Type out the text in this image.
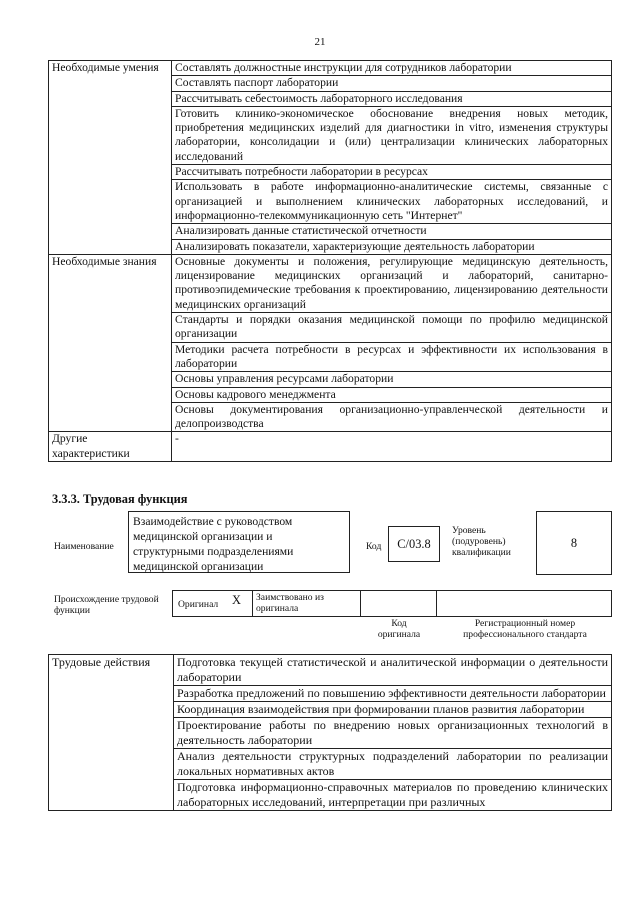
21
Необходимые умения	Составлять должностные инструкции для сотрудников лаборатории
	Составлять паспорт лаборатории
	Рассчитывать себестоимость лабораторного исследования
	Готовить клинико-экономическое обоснование внедрения новых методик, приобретения медицинских изделий для диагностики in vitro, изменения структуры лаборатории, консолидации и (или) централизации клинических лабораторных исследований
	Рассчитывать потребности лаборатории в ресурсах
	Использовать в работе информационно-аналитические системы, связанные с организацией и выполнением клинических лабораторных исследований, и информационно-телекоммуникационную сеть "Интернет"
	Анализировать данные статистической отчетности
	Анализировать показатели, характеризующие деятельность лаборатории
Необходимые знания	Основные документы и положения, регулирующие медицинскую деятельность, лицензирование медицинских организаций и лабораторий, санитарно-противоэпидемические требования к проектированию, лицензированию деятельности медицинских организаций
	Стандарты и порядки оказания медицинской помощи по профилю медицинской организации
	Методики расчета потребности в ресурсах и эффективности их использования в лаборатории
	Основы управления ресурсами лаборатории
	Основы кадрового менеджмента
	Основы документирования организационно-управленческой деятельности и делопроизводства
Другие характеристики	-
3.3.3. Трудовая функция
Наименование
Взаимодействие с руководством медицинской организации и структурными подразделениями медицинской организации
Код	С/03.8
Уровень (подуровень) квалификации
8
Происхождение трудовой функции
Оригинал X Заимствовано из оригинала
Код оригинала
Регистрационный номер профессионального стандарта
Трудовые действия	Подготовка текущей статистической и аналитической информации о деятельности лаборатории
Разработка предложений по повышению эффективности деятельности лаборатории
Координация взаимодействия при формировании планов развития лаборатории
Проектирование работы по внедрению новых организационных технологий в деятельность лаборатории
Анализ деятельности структурных подразделений лаборатории по реализации локальных нормативных актов
Подготовка информационно-справочных материалов по проведению клинических лабораторных исследований, интерпретации при различных
